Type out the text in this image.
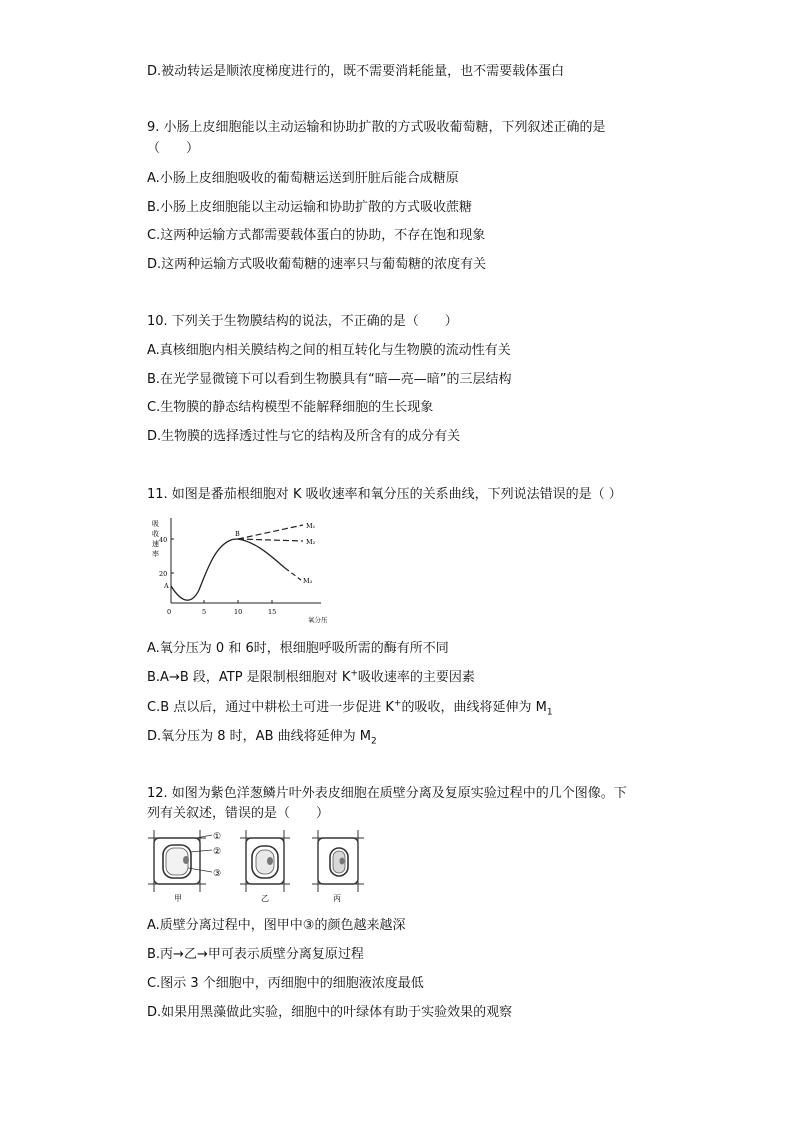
D.被动转运是顺浓度梯度进行的，既不需要消耗能量，也不需要载体蛋白
9. 小肠上皮细胞能以主动运输和协助扩散的方式吸收葡萄糖，下列叙述正确的是
（　　）
A.小肠上皮细胞吸收的葡萄糖运送到肝脏后能合成糖原
B.小肠上皮细胞能以主动运输和协助扩散的方式吸收蔗糖
C.这两种运输方式都需要载体蛋白的协助，不存在饱和现象
D.这两种运输方式吸收葡萄糖的速率只与葡萄糖的浓度有关
10. 下列关于生物膜结构的说法，不正确的是（　　）
A.真核细胞内相关膜结构之间的相互转化与生物膜的流动性有关
B.在光学显微镜下可以看到生物膜具有“暗—亮—暗”的三层结构
C.生物膜的静态结构模型不能解释细胞的生长现象
D.生物膜的选择透过性与它的结构及所含有的成分有关
11. 如图是番茄根细胞对 K 吸收速率和氧分压的关系曲线，下列说法错误的是（ ）
吸
收
速
率
40
20
0	5	10	15
氧分压
A
B
M₁
M₂
M₃
A.氧分压为 0 和 6时，根细胞呼吸所需的酶有所不同
B.A→B 段，ATP 是限制根细胞对 K+吸收速率的主要因素
C.B 点以后，通过中耕松土可进一步促进 K+的吸收，曲线将延伸为 $M_1$
D.氧分压为 8 时，AB 曲线将延伸为 $M_2$
12. 如图为紫色洋葱鳞片叶外表皮细胞在质壁分离及复原实验过程中的几个图像。下
列有关叙述，错误的是（　　）
①
②
③
甲	乙	丙
A.质壁分离过程中，图甲中③的颜色越来越深
B.丙→乙→甲可表示质壁分离复原过程
C.图示 3 个细胞中，丙细胞中的细胞液浓度最低
D.如果用黑藻做此实验，细胞中的叶绿体有助于实验效果的观察
